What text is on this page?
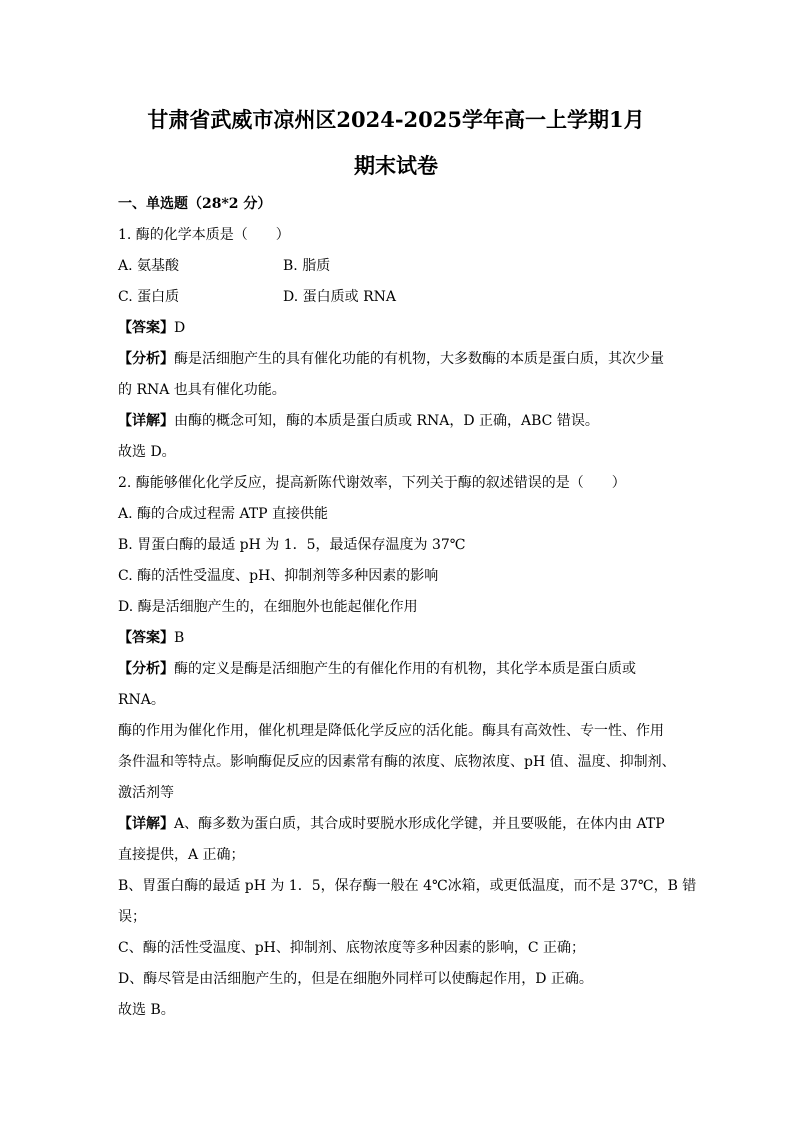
甘肃省武威市凉州区2024-2025学年高一上学期1月

期末试卷

一、单选题（28*2 分）

1. 酶的化学本质是（　　）

A. 氨基酸	B. 脂质
C. 蛋白质	D. 蛋白质或 RNA

【答案】D

【分析】酶是活细胞产生的具有催化功能的有机物，大多数酶的本质是蛋白质，其次少量

的 RNA 也具有催化功能。

【详解】由酶的概念可知，酶的本质是蛋白质或 RNA，D 正确，ABC 错误。

故选 D。

2. 酶能够催化化学反应，提高新陈代谢效率，下列关于酶的叙述错误的是（　　）

A. 酶的合成过程需 ATP 直接供能

B. 胃蛋白酶的最适 pH 为 1．5，最适保存温度为 37℃

C. 酶的活性受温度、pH、抑制剂等多种因素的影响

D. 酶是活细胞产生的，在细胞外也能起催化作用

【答案】B

【分析】酶的定义是酶是活细胞产生的有催化作用的有机物，其化学本质是蛋白质或

RNA。

酶的作用为催化作用，催化机理是降低化学反应的活化能。酶具有高效性、专一性、作用

条件温和等特点。影响酶促反应的因素常有酶的浓度、底物浓度、pH 值、温度、抑制剂、

激活剂等

【详解】A、酶多数为蛋白质，其合成时要脱水形成化学键，并且要吸能，在体内由 ATP

直接提供，A 正确；

B、胃蛋白酶的最适 pH 为 1．5，保存酶一般在 4℃冰箱，或更低温度，而不是 37℃，B 错

误；

C、酶的活性受温度、pH、抑制剂、底物浓度等多种因素的影响，C 正确；

D、酶尽管是由活细胞产生的，但是在细胞外同样可以使酶起作用，D 正确。

故选 B。
